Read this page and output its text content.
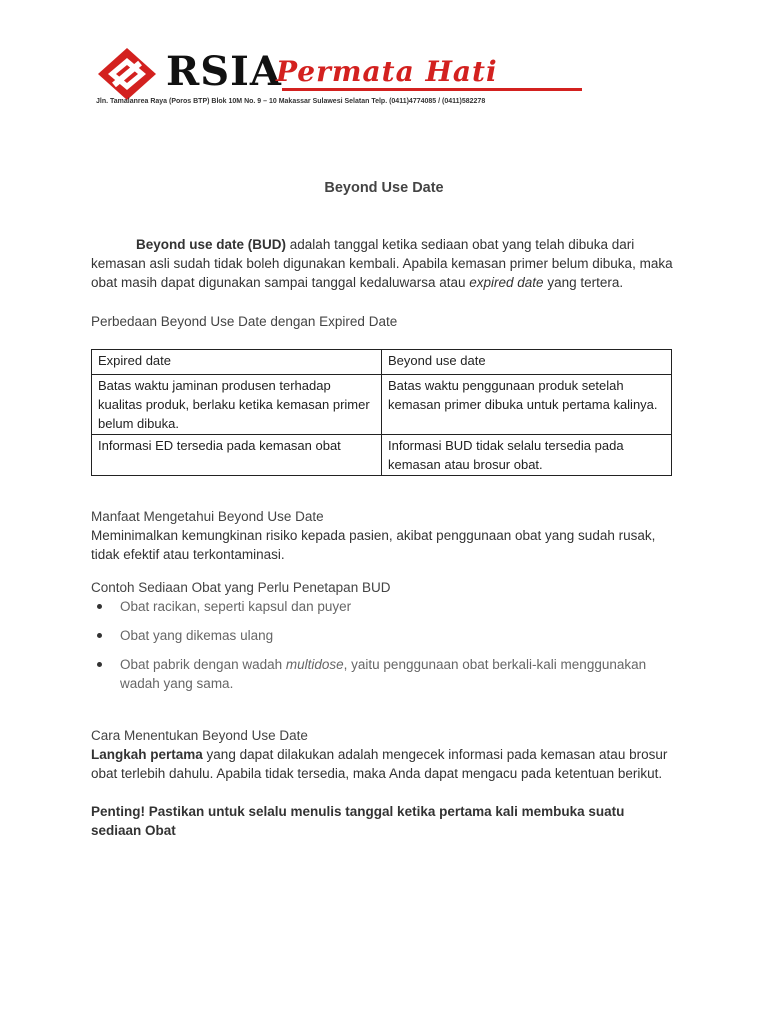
RSIA
Permata Hati
Jln. Tamalanrea Raya (Poros BTP) Blok 10M No. 9 – 10 Makassar Sulawesi Selatan Telp. (0411)4774085 / (0411)582278
Beyond Use Date
Beyond use date (BUD) adalah tanggal ketika sediaan obat yang telah dibuka dari kemasan asli sudah tidak boleh digunakan kembali. Apabila kemasan primer belum dibuka, maka obat masih dapat digunakan sampai tanggal kedaluwarsa atau expired date yang tertera.
Perbedaan Beyond Use Date dengan Expired Date
Expired date	Beyond use date
Batas waktu jaminan produsen terhadap kualitas produk, berlaku ketika kemasan primer belum dibuka.	Batas waktu penggunaan produk setelah kemasan primer dibuka untuk pertama kalinya.
Informasi ED tersedia pada kemasan obat	Informasi BUD tidak selalu tersedia pada kemasan atau brosur obat.
Manfaat Mengetahui Beyond Use Date
Meminimalkan kemungkinan risiko kepada pasien, akibat penggunaan obat yang sudah rusak, tidak efektif atau terkontaminasi.
Contoh Sediaan Obat yang Perlu Penetapan BUD
Obat racikan, seperti kapsul dan puyer
Obat yang dikemas ulang
Obat pabrik dengan wadah multidose, yaitu penggunaan obat berkali-kali menggunakan wadah yang sama.
Cara Menentukan Beyond Use Date
Langkah pertama yang dapat dilakukan adalah mengecek informasi pada kemasan atau brosur obat terlebih dahulu. Apabila tidak tersedia, maka Anda dapat mengacu pada ketentuan berikut.
Penting! Pastikan untuk selalu menulis tanggal ketika pertama kali membuka suatu sediaan Obat
